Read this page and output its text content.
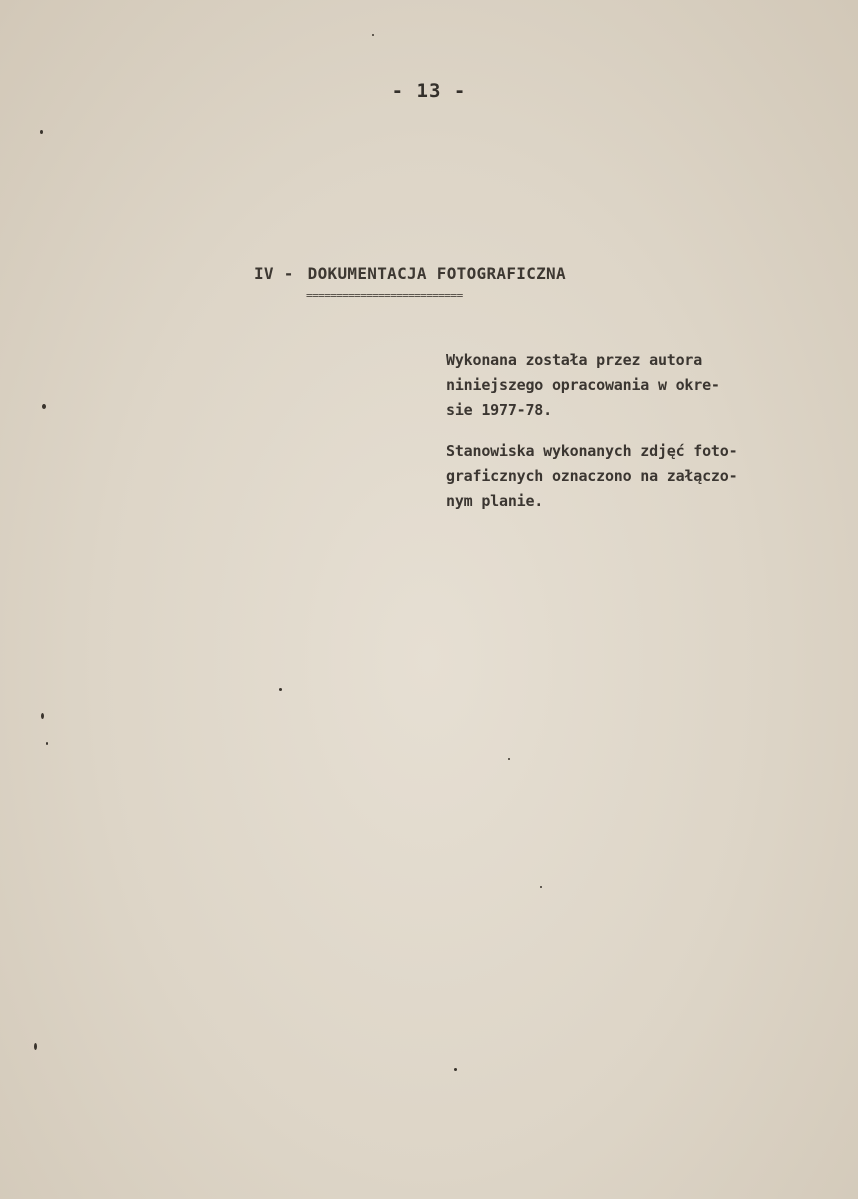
- 13 -
IV - DOKUMENTACJA FOTOGRAFICZNA
==========================
Wykonana została przez autora
niniejszego opracowania w okre-
sie 1977-78.
Stanowiska wykonanych zdjęć foto-
graficznych oznaczono na załączo-
nym planie.
